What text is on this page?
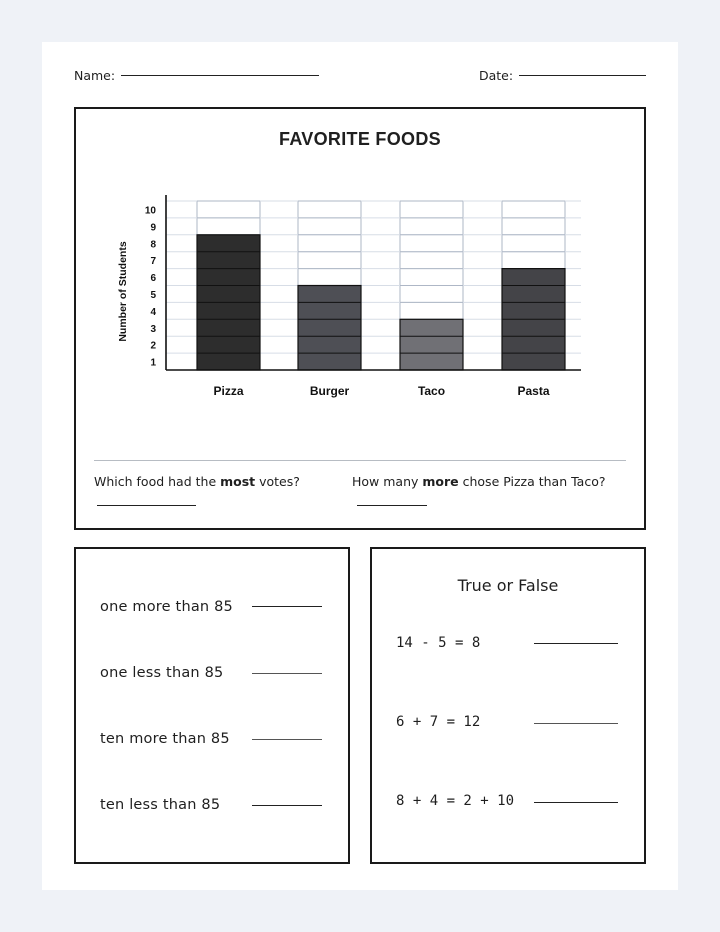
Name:	Date:
FAVORITE FOODS
Pizza	Burger	Taco	Pasta
1
2
3
4
5
6
7
8
9
10
Number of Students
Which food had the most votes?	How many more chose Pizza than Taco?
one more than 85
one less than 85
ten more than 85
ten less than 85
True or False
14 - 5 = 8
6 + 7 = 12
8 + 4 = 2 + 10
